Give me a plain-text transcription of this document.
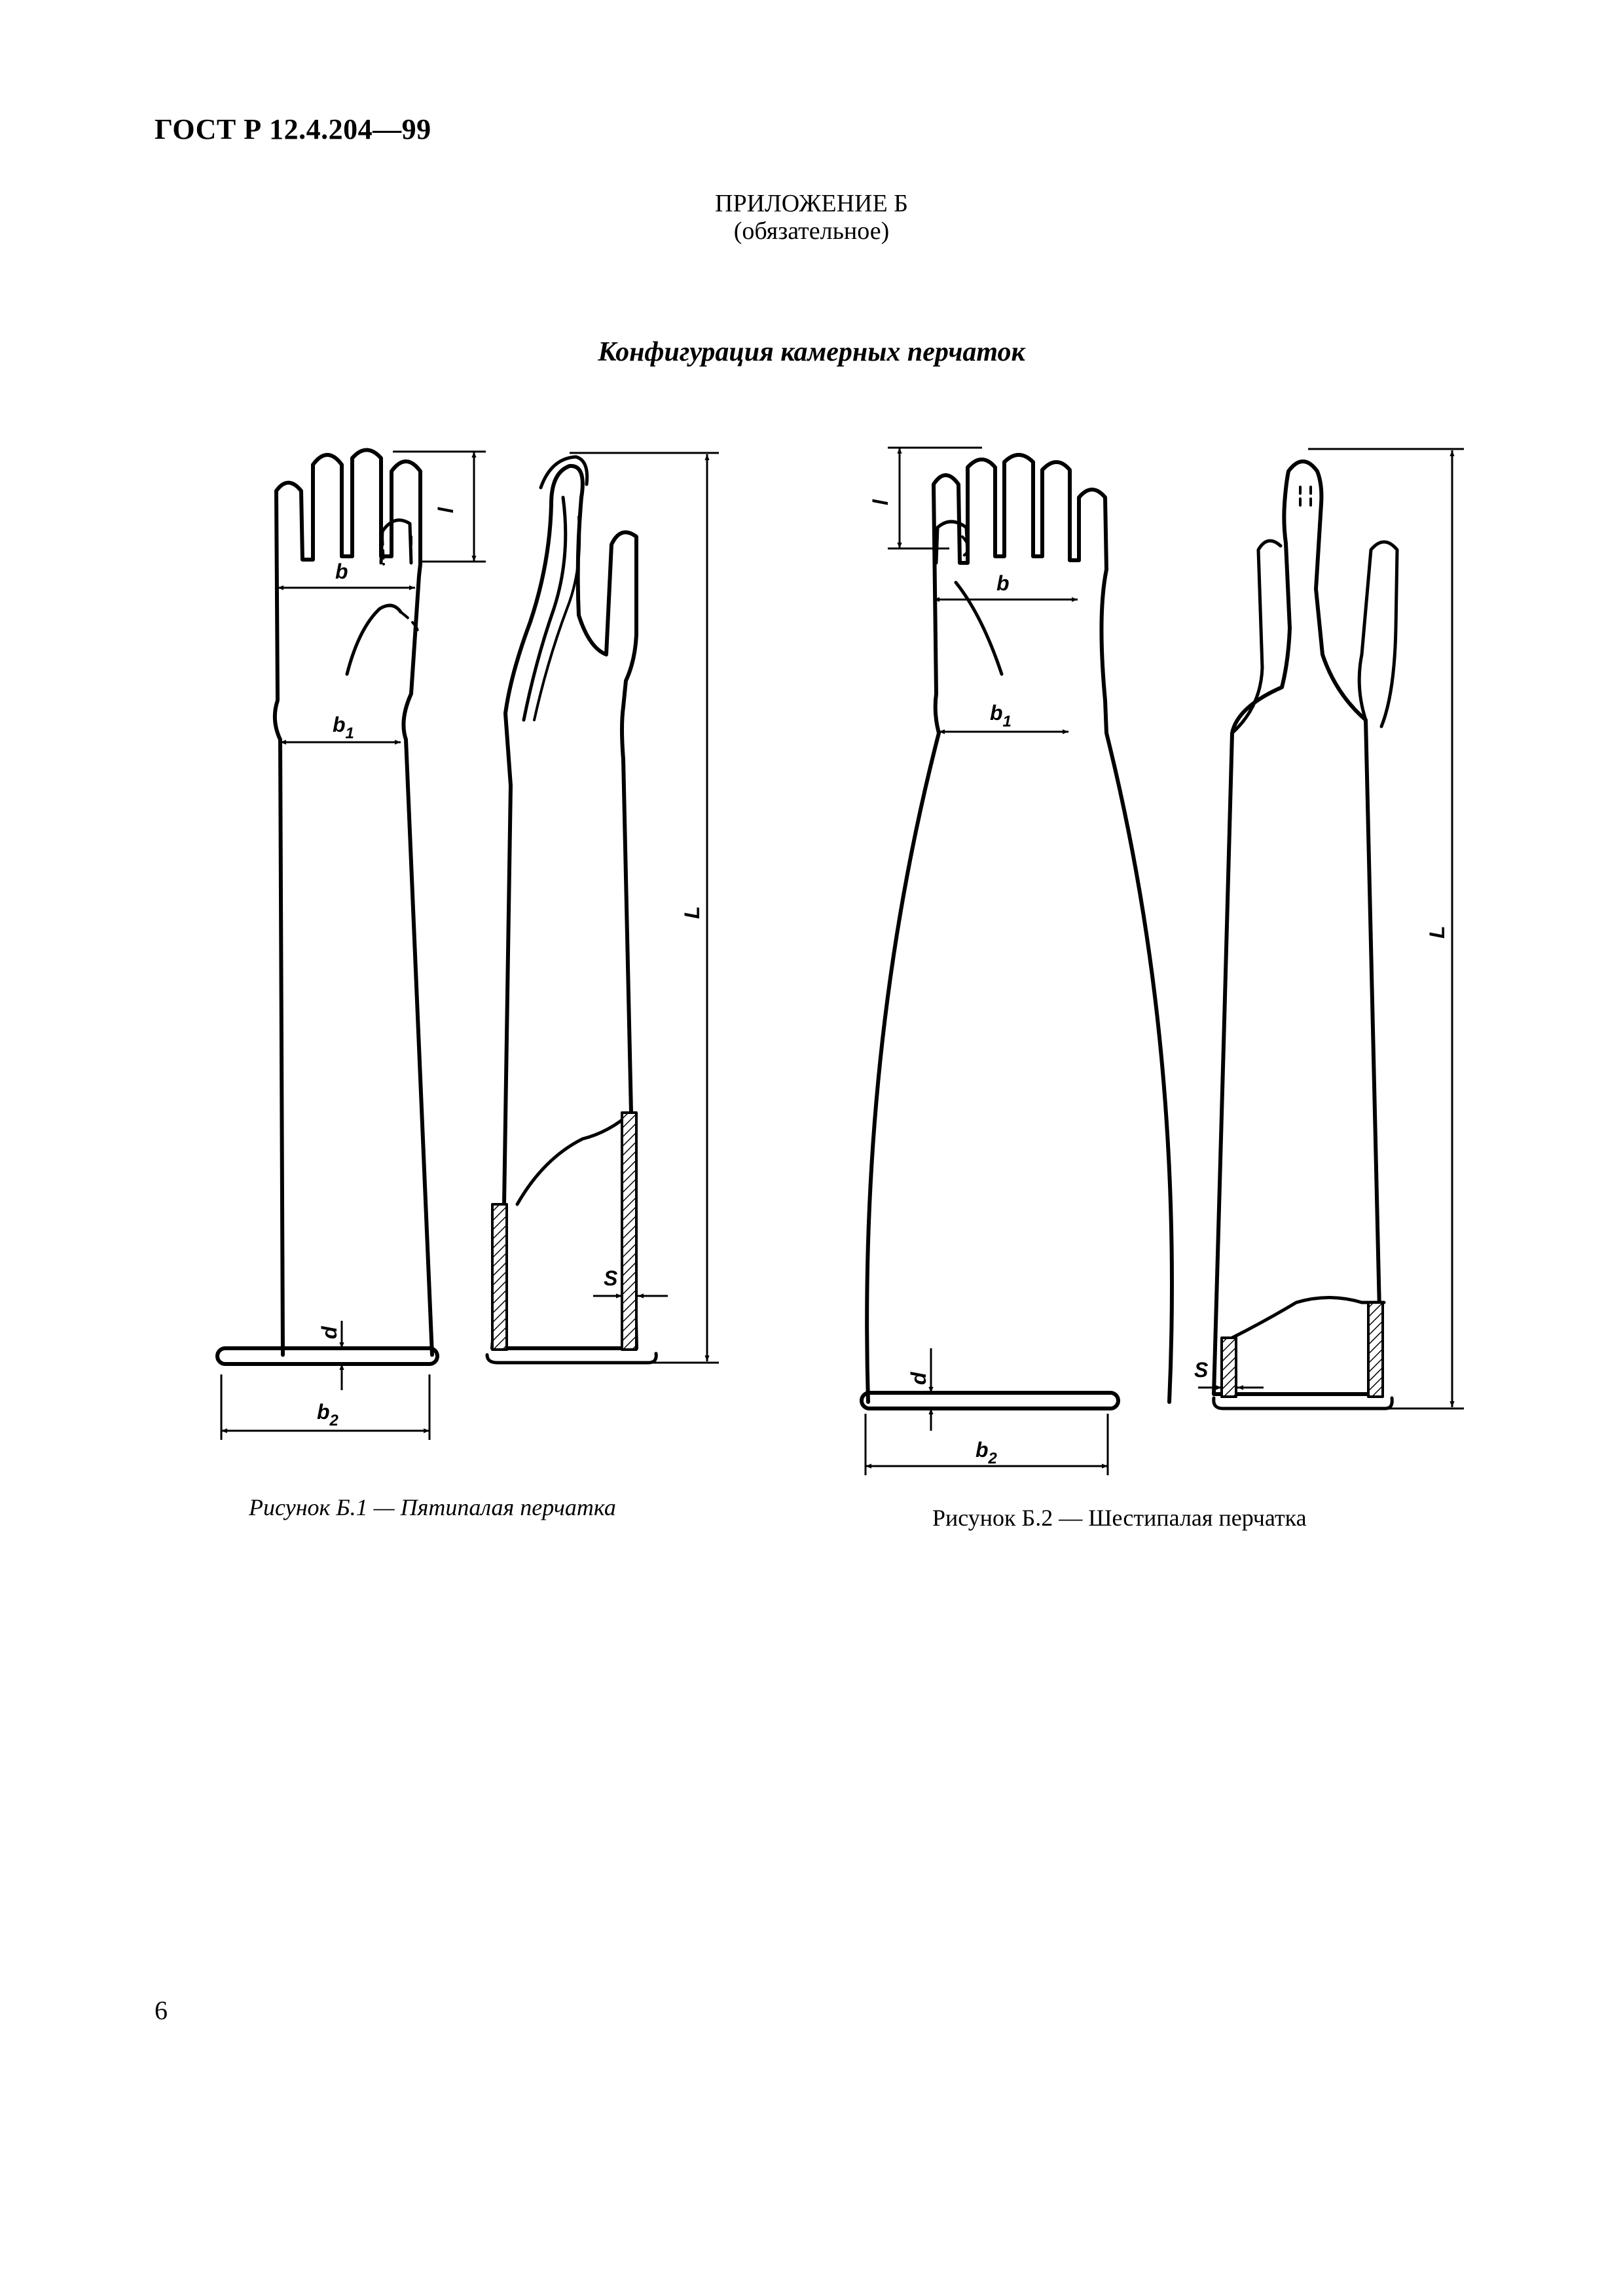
ГОСТ Р 12.4.204—99
ПРИЛОЖЕНИЕ Б
(обязательное)
Конфигурация камерных перчаток
b
$b_1$
$b_2$
l
L
d
S
b
$b_1$
$b_2$
l
L
d	S
Рисунок Б.1 — Пятипалая перчатка	Рисунок Б.2 — Шестипалая перчатка
6
